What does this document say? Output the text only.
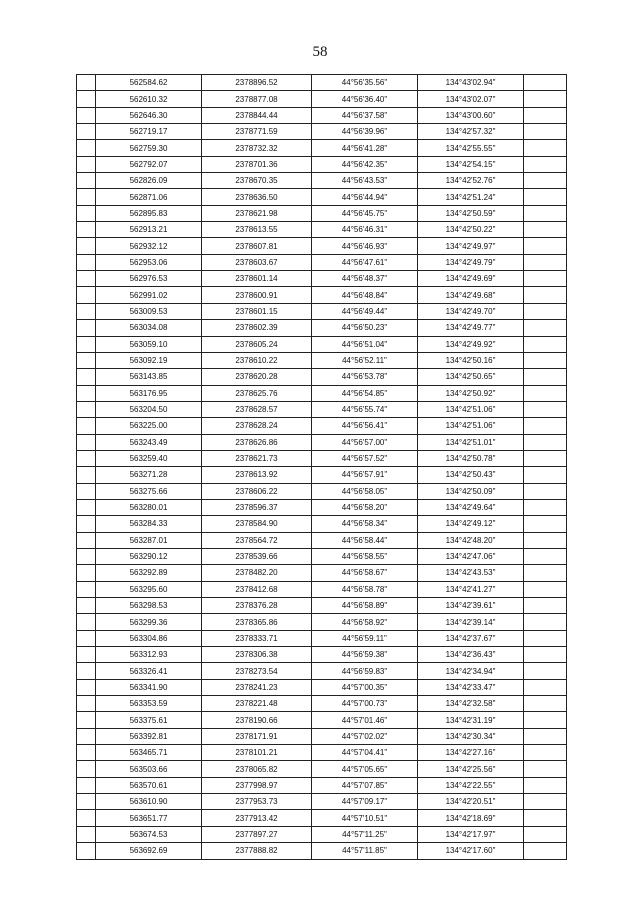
58
	562584.62	2378896.52	44°56'35.56"	134°43'02.94"	
	562610.32	2378877.08	44°56'36.40"	134°43'02.07"	
	562646.30	2378844.44	44°56'37.58"	134°43'00.60"	
	562719.17	2378771.59	44°56'39.96"	134°42'57.32"	
	562759.30	2378732.32	44°56'41.28"	134°42'55.55"	
	562792.07	2378701.36	44°56'42.35"	134°42'54.15"	
	562826.09	2378670.35	44°56'43.53"	134°42'52.76"	
	562871.06	2378636.50	44°56'44.94"	134°42'51.24"	
	562895.83	2378621.98	44°56'45.75"	134°42'50.59"	
	562913.21	2378613.55	44°56'46.31"	134°42'50.22"	
	562932.12	2378607.81	44°56'46.93"	134°42'49.97"	
	562953.06	2378603.67	44°56'47.61"	134°42'49.79"	
	562976.53	2378601.14	44°56'48.37"	134°42'49.69"	
	562991.02	2378600.91	44°56'48.84"	134°42'49.68"	
	563009.53	2378601.15	44°56'49.44"	134°42'49.70"	
	563034.08	2378602.39	44°56'50.23"	134°42'49.77"	
	563059.10	2378605.24	44°56'51.04"	134°42'49.92"	
	563092.19	2378610.22	44°56'52.11"	134°42'50.16"	
	563143.85	2378620.28	44°56'53.78"	134°42'50.65"	
	563176.95	2378625.76	44°56'54.85"	134°42'50.92"	
	563204.50	2378628.57	44°56'55.74"	134°42'51.06"	
	563225.00	2378628.24	44°56'56.41"	134°42'51.06"	
	563243.49	2378626.86	44°56'57.00"	134°42'51.01"	
	563259.40	2378621.73	44°56'57.52"	134°42'50.78"	
	563271.28	2378613.92	44°56'57.91"	134°42'50.43"	
	563275.66	2378606.22	44°56'58.05"	134°42'50.09"	
	563280.01	2378596.37	44°56'58.20"	134°42'49.64"	
	563284.33	2378584.90	44°56'58.34"	134°42'49.12"	
	563287.01	2378564.72	44°56'58.44"	134°42'48.20"	
	563290.12	2378539.66	44°56'58.55"	134°42'47.06"	
	563292.89	2378482.20	44°56'58.67"	134°42'43.53"	
	563295.60	2378412.68	44°56'58.78"	134°42'41.27"	
	563298.53	2378376.28	44°56'58.89"	134°42'39.61"	
	563299.36	2378365.86	44°56'58.92"	134°42'39.14"	
	563304.86	2378333.71	44°56'59.11"	134°42'37.67"	
	563312.93	2378306.38	44°56'59.38"	134°42'36.43"	
	563326.41	2378273.54	44°56'59.83"	134°42'34.94"	
	563341.90	2378241.23	44°57'00.35"	134°42'33.47"	
	563353.59	2378221.48	44°57'00.73"	134°42'32.58"	
	563375.61	2378190.66	44°57'01.46"	134°42'31.19"	
	563392.81	2378171.91	44°57'02.02"	134°42'30.34"	
	563465.71	2378101.21	44°57'04.41"	134°42'27.16"	
	563503.66	2378065.82	44°57'05.65"	134°42'25.56"	
	563570.61	2377998.97	44°57'07.85"	134°42'22.55"	
	563610.90	2377953.73	44°57'09.17"	134°42'20.51"	
	563651.77	2377913.42	44°57'10.51"	134°42'18.69"	
	563674.53	2377897.27	44°57'11.25"	134°42'17.97"	
	563692.69	2377888.82	44°57'11.85"	134°42'17.60"	
